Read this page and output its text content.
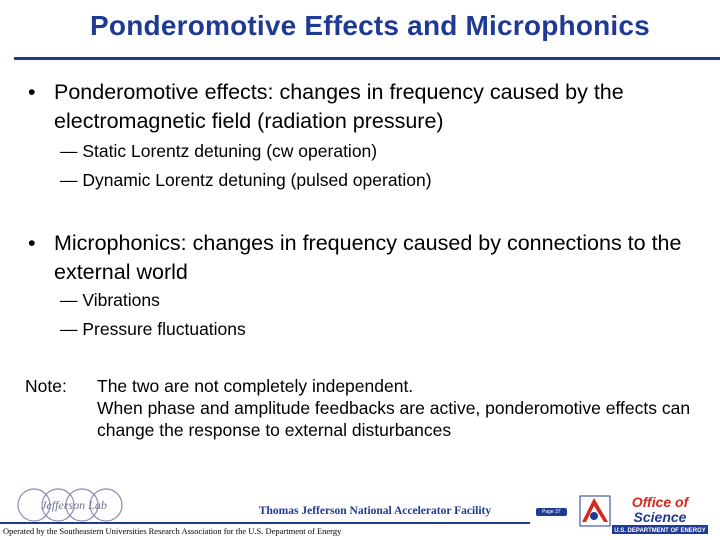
Ponderomotive Effects and Microphonics
• Ponderomotive effects: changes in frequency caused by the electromagnetic field (radiation pressure)
— Static Lorentz detuning (cw operation)
— Dynamic Lorentz detuning (pulsed operation)
• Microphonics: changes in frequency caused by connections to the external world
— Vibrations
— Pressure fluctuations
Note: The two are not completely independent.
When phase and amplitude feedbacks are active, ponderomotive effects can change the response to external disturbances
Jefferson Lab	Thomas Jefferson National Accelerator Facility	Page 37
Operated by the Southeastern Universities Research Association for the U.S. Department of Energy
Office of
Science
U.S. DEPARTMENT OF ENERGY
